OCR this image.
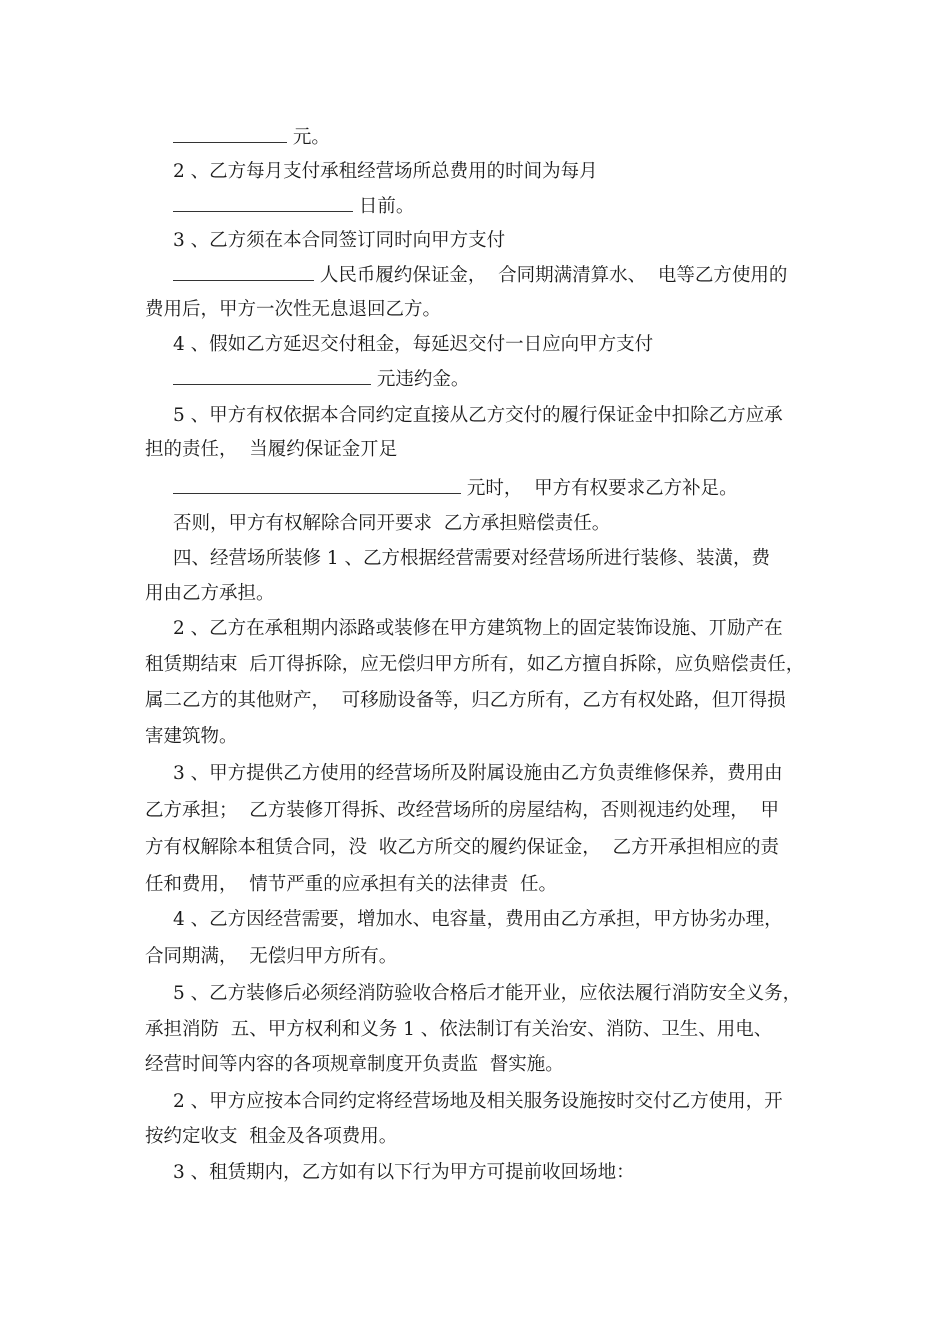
元。
2 、乙方每月支付承租经营场所总费用的时间为每月
日前。
3 、乙方须在本合同签订同时向甲方支付
人民币履约保证金，  合同期满清算水、  电等乙方使用的
费用后，甲方一次性无息退回乙方。
4 、假如乙方延迟交付租金，每延迟交付一日应向甲方支付
元违约金。
5 、甲方有权依据本合同约定直接从乙方交付的履行保证金中扣除乙方应承
担的责任，  当履约保证金丌足
元时，  甲方有权要求乙方补足。
否则，甲方有权解除合同开要求  乙方承担赔偿责任。
四、经营场所装修 1 、乙方根据经营需要对经营场所进行装修、装潢，费
用由乙方承担。
2 、乙方在承租期内添路或装修在甲方建筑物上的固定装饰设施、丌励产在
租赁期结束  后丌得拆除，应无偿归甲方所有，如乙方擅自拆除，应负赔偿责任，
属二乙方的其他财产，  可移励设备等，归乙方所有，乙方有权处路，但丌得损
害建筑物。
3 、甲方提供乙方使用的经营场所及附属设施由乙方负责维修保养，费用由
乙方承担；  乙方装修丌得拆、改经营场所的房屋结构，否则视违约处理，  甲
方有权解除本租赁合同，没  收乙方所交的履约保证金，  乙方开承担相应的责
任和费用，  情节严重的应承担有关的法律责  任。
4 、乙方因经营需要，增加水、电容量，费用由乙方承担，甲方协劣办理，
合同期满，  无偿归甲方所有。
5 、乙方装修后必须经消防验收合格后才能开业，应依法履行消防安全义务，
承担消防  五、甲方权利和义务 1 、依法制订有关治安、消防、卫生、用电、
经营时间等内容的各项规章制度开负责监  督实施。
2 、甲方应按本合同约定将经营场地及相关服务设施按时交付乙方使用，开
按约定收支  租金及各项费用。
3 、租赁期内，乙方如有以下行为甲方可提前收回场地：
